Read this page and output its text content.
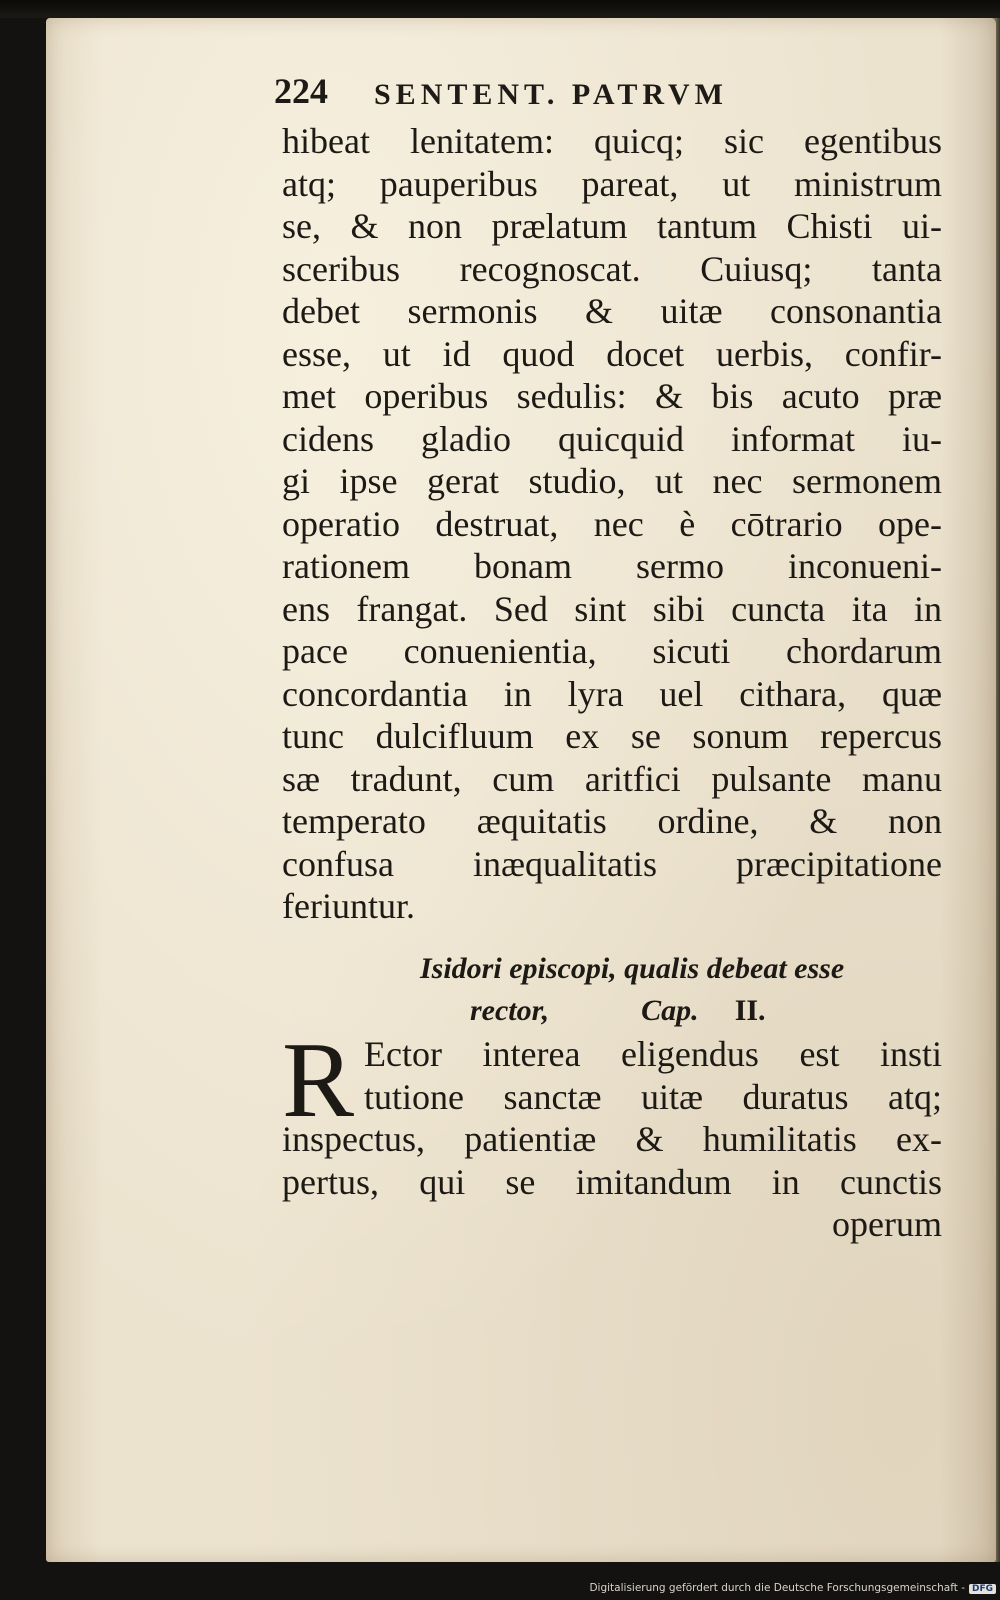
224	SENTENT. PATRVM
hibeat lenitatem: quicq; sic egentibus
atq; pauperibus pareat, ut ministrum
se, & non prælatum tantum Chisti ui-
sceribus recognoscat. Cuiusq; tanta
debet sermonis & uitæ consonantia
esse, ut id quod docet uerbis, confir-
met operibus sedulis: & bis acuto præ
cidens gladio quicquid informat iu-
gi ipse gerat studio, ut nec sermonem
operatio destruat, nec è cōtrario ope-
rationem bonam sermo inconueni-
ens frangat. Sed sint sibi cuncta ita in
pace conuenientia, sicuti chordarum
concordantia in lyra uel cithara, quæ
tunc dulcifluum ex se sonum repercus
sæ tradunt, cum aritfici pulsante manu
temperato æquitatis ordine, & non
confusa inæqualitatis præcipitatione
feriuntur.
Isidori episcopi, qualis debeat esse
rector,	Cap. II.
R Ector interea eligendus est insti
tutione sanctæ uitæ duratus atq;
inspectus, patientiæ & humilitatis ex-
pertus, qui se imitandum in cunctis
operum
Digitalisierung gefördert durch die Deutsche Forschungsgemeinschaft - DFG
